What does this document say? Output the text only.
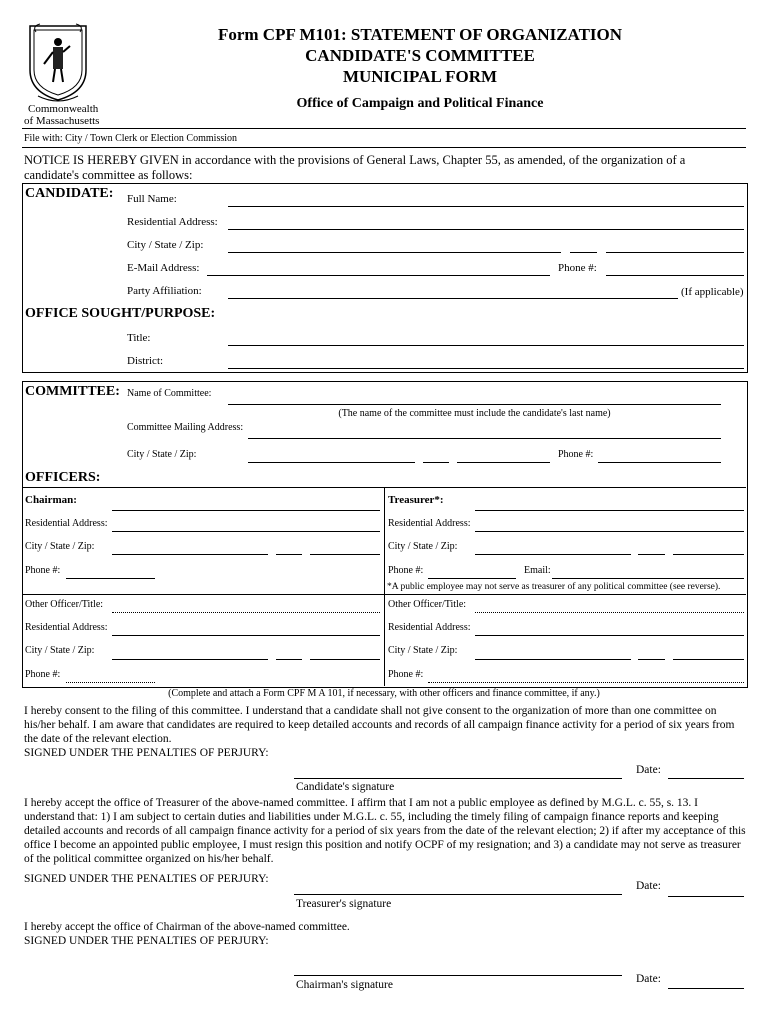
Commonwealth
of Massachusetts
Form CPF M101: STATEMENT OF ORGANIZATION
CANDIDATE'S COMMITTEE
MUNICIPAL FORM
Office of Campaign and Political Finance
File with: City / Town Clerk or Election Commission
NOTICE IS HEREBY GIVEN in accordance with the provisions of General Laws, Chapter 55, as amended, of the organization of a candidate's committee as follows:
CANDIDATE: Full Name:
Residential Address:
City / State / Zip:
E-Mail Address:	Phone #:
Party Affiliation:	(If applicable)
OFFICE SOUGHT/PURPOSE:
Title:
District:
COMMITTEE: Name of Committee:
(The name of the committee must include the candidate's last name)
Committee Mailing Address:
City / State / Zip:	Phone #:
OFFICERS:
Chairman:
Residential Address:
City / State / Zip:
Phone #:
Treasurer*:
Residential Address:
City / State / Zip:
Phone #:	Email:
*A public employee may not serve as treasurer of any political committee (see reverse).
Other Officer/Title:
Residential Address:
City / State / Zip:
Phone #:
Other Officer/Title:
Residential Address:
City / State / Zip:
Phone #:
(Complete and attach a Form CPF M A 101, if necessary, with other officers and finance committee, if any.)
I hereby consent to the filing of this committee. I understand that a candidate shall not give consent to the organization of more than one committee on his/her behalf. I am aware that candidates are required to keep detailed accounts and records of all campaign finance activity for a period of six years from the date of the relevant election.
SIGNED UNDER THE PENALTIES OF PERJURY:
Candidate's signature
Date:
I hereby accept the office of Treasurer of the above-named committee. I affirm that I am not a public employee as defined by M.G.L. c. 55, s. 13. I understand that: 1) I am subject to certain duties and liabilities under M.G.L. c. 55, including the timely filing of campaign finance reports and keeping detailed accounts and records of all campaign finance activity for a period of six years from the date of the relevant election; 2) if after my acceptance of this office I become an appointed public employee, I must resign this position and notify OCPF of my resignation; and 3) a candidate may not serve as treasurer of the political committee organized on his/her behalf.
SIGNED UNDER THE PENALTIES OF PERJURY:
Treasurer's signature
Date:
I hereby accept the office of Chairman of the above-named committee.
SIGNED UNDER THE PENALTIES OF PERJURY:
Chairman's signature	Date:
